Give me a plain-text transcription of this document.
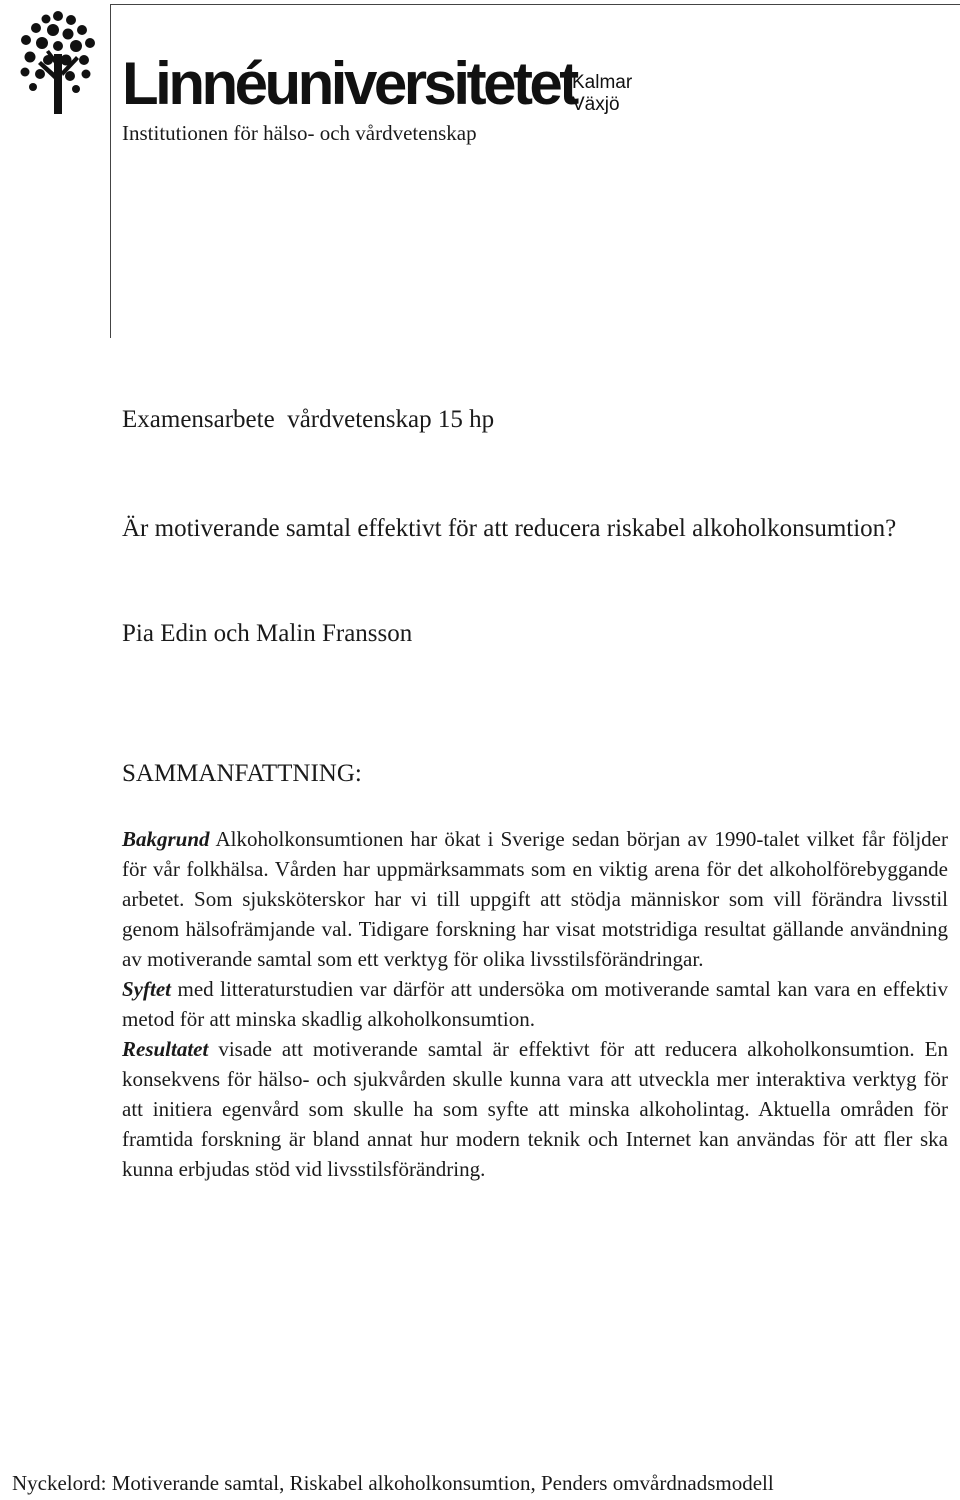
Linnéuniversitetet
Kalmar
Växjö
Institutionen för hälso- och vårdvetenskap
Examensarbete  vårdvetenskap 15 hp
Är motiverande samtal effektivt för att reducera riskabel alkoholkonsumtion?
Pia Edin och Malin Fransson
SAMMANFATTNING:

Bakgrund Alkoholkonsumtionen har ökat i Sverige sedan början av 1990-talet vilket får följder för vår folkhälsa. Vården har uppmärksammats som en viktig arena för det alkoholförebyggande arbetet. Som sjuksköterskor har vi till uppgift att stödja människor som vill förändra livsstil genom hälsofrämjande val. Tidigare forskning har visat motstridiga resultat gällande användning av motiverande samtal som ett verktyg för olika livsstilsförändringar.

Syftet med litteraturstudien var därför att undersöka om motiverande samtal kan vara en effektiv metod för att minska skadlig alkoholkonsumtion.

Resultatet visade att motiverande samtal är effektivt för att reducera alkoholkonsumtion. En konsekvens för hälso- och sjukvården skulle kunna vara att utveckla mer interaktiva verktyg för att initiera egenvård som skulle ha som syfte att minska alkoholintag. Aktuella områden för framtida forskning är bland annat hur modern teknik och Internet kan användas för att fler ska kunna erbjudas stöd vid livsstilsförändring.

Nyckelord: Motiverande samtal, Riskabel alkoholkonsumtion, Penders omvårdnadsmodell
